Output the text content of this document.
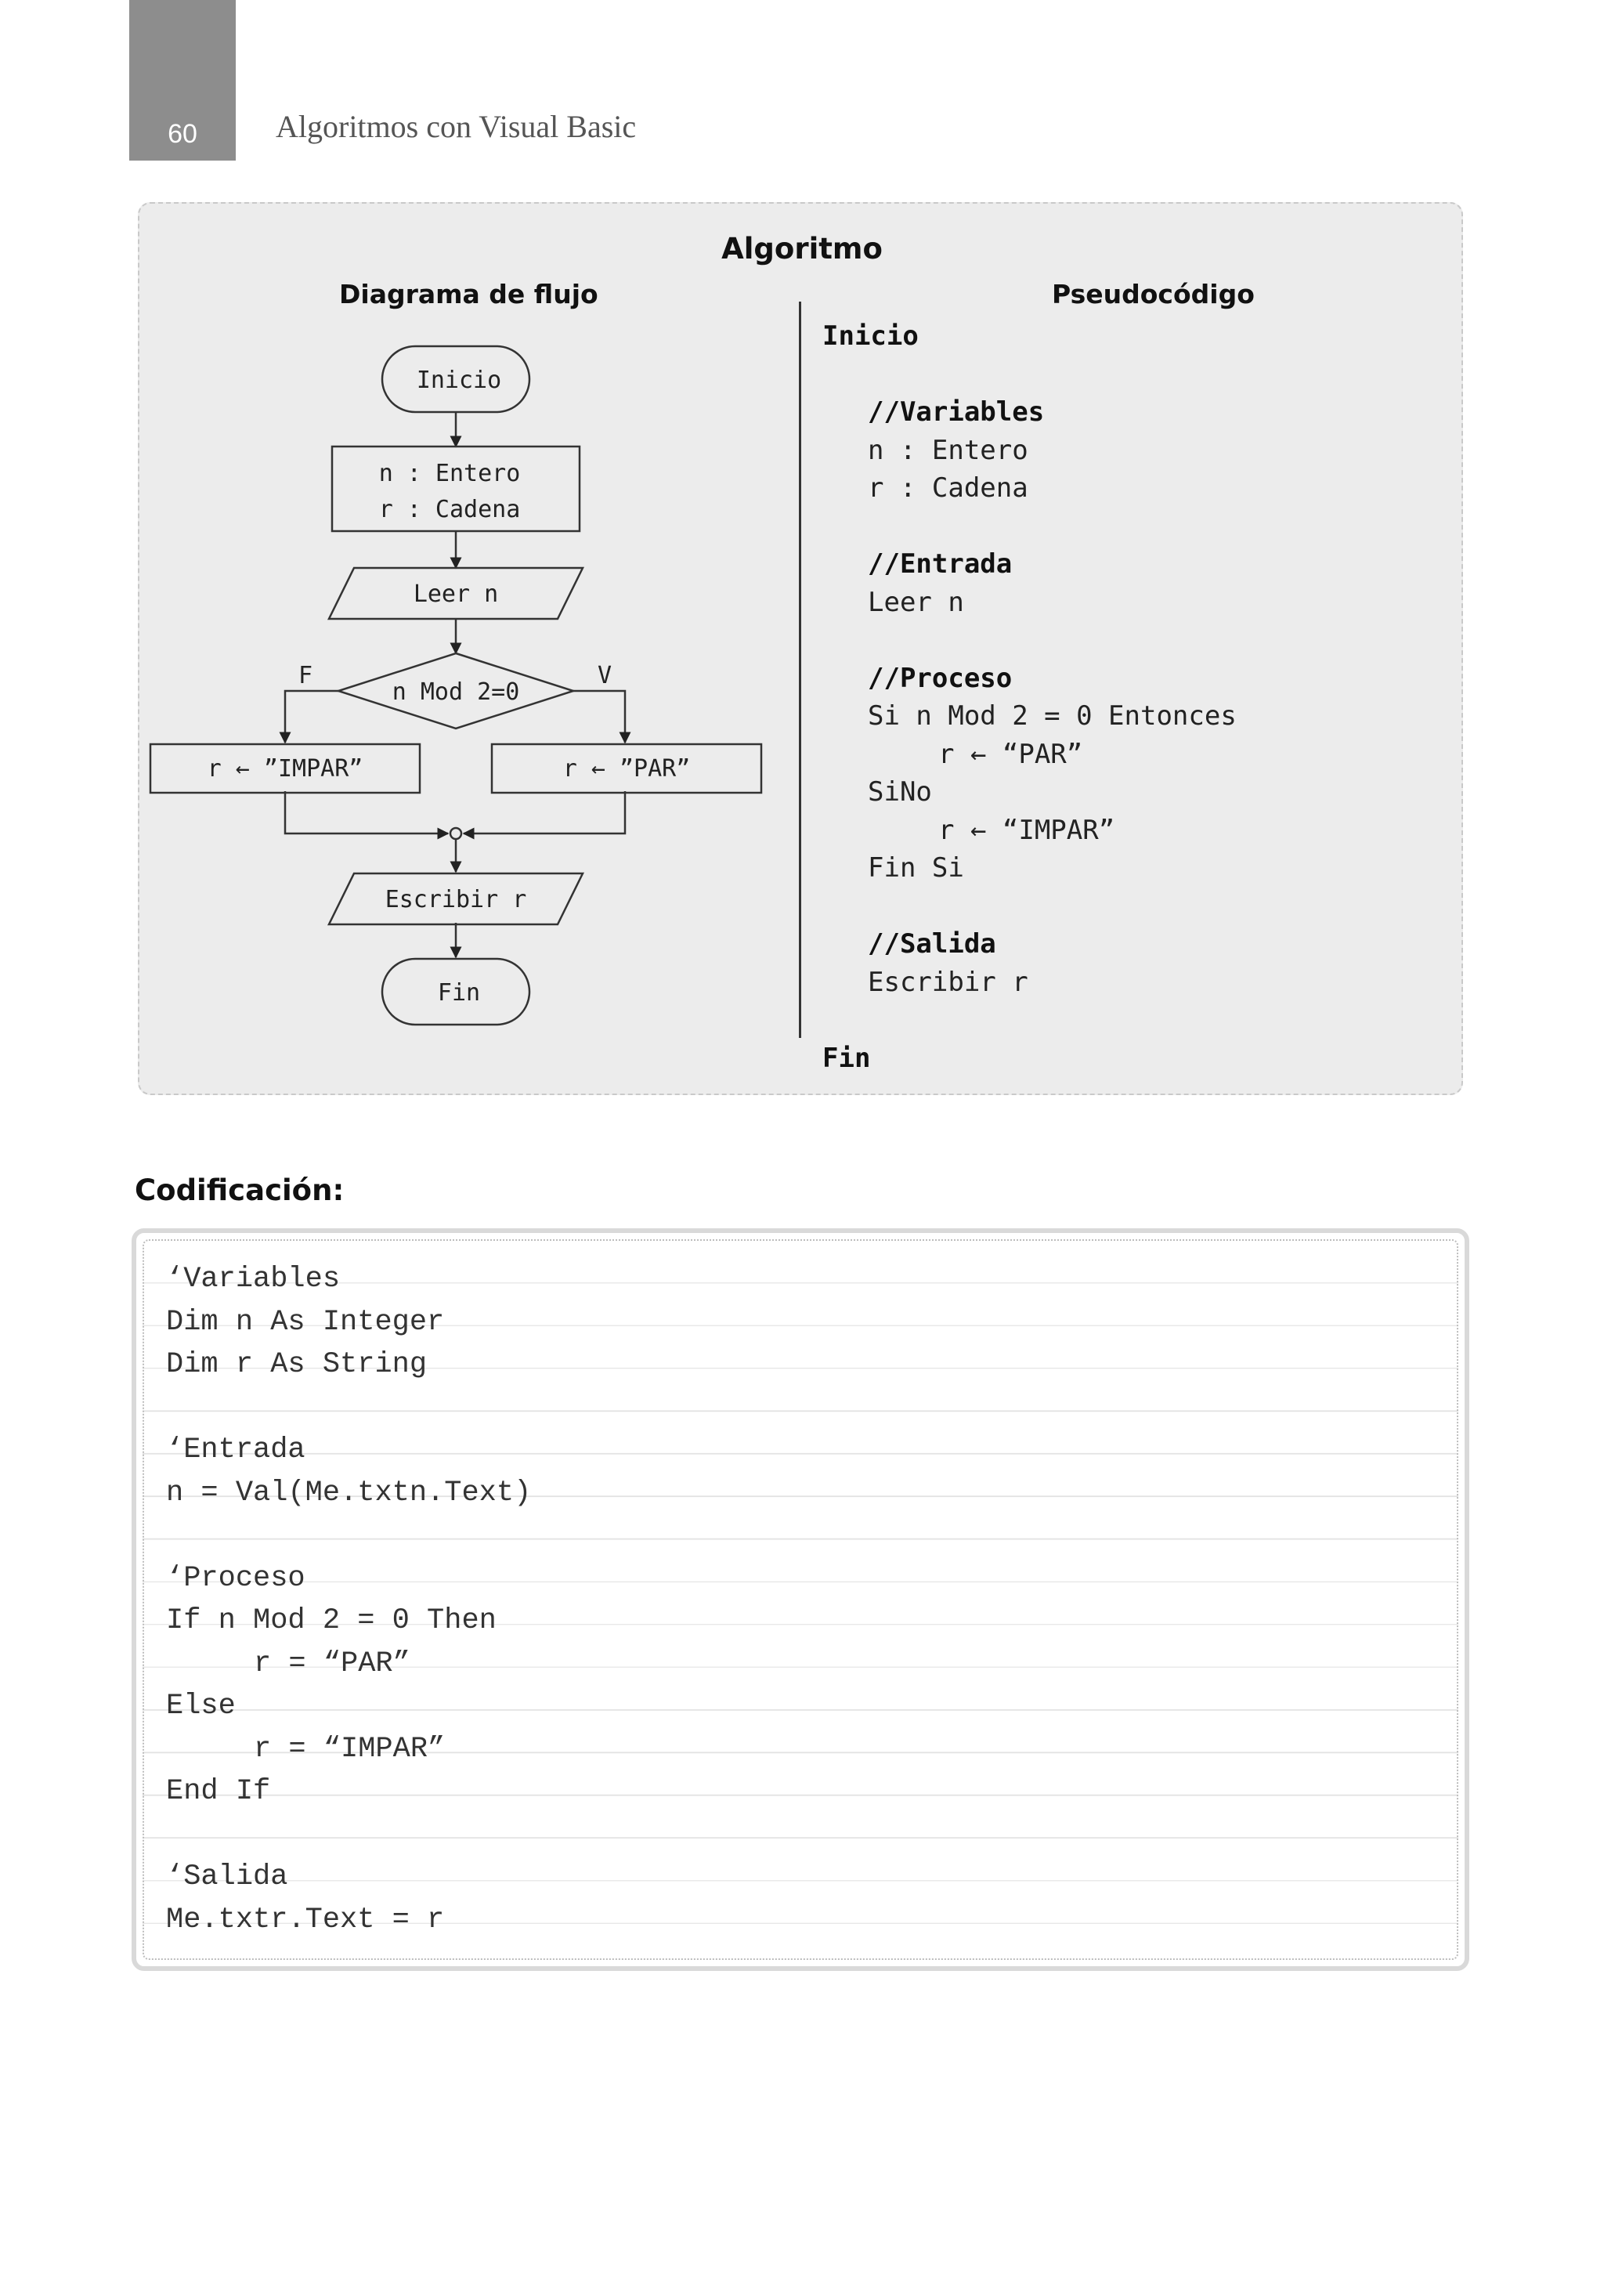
60	Algoritmos con Visual Basic
Algoritmo
Diagrama de flujo	Pseudocódigo
Inicio
n : Entero
r : Cadena
Leer n
n Mod 2=0
F	V
r ← ”IMPAR”	r ← ”PAR”
Escribir r
Fin
Inicio
//Variables
n : Entero
r : Cadena
//Entrada
Leer n
//Proceso
Si n Mod 2 = 0 Entonces
r ← “PAR”
SiNo
r ← “IMPAR”
Fin Si
//Salida
Escribir r
Fin
Codificación:
‘Variables
Dim n As Integer
Dim r As String
‘Entrada
n = Val(Me.txtn.Text)
‘Proceso
If n Mod 2 = 0 Then
r = “PAR”
Else
r = “IMPAR”
End If
‘Salida
Me.txtr.Text = r
